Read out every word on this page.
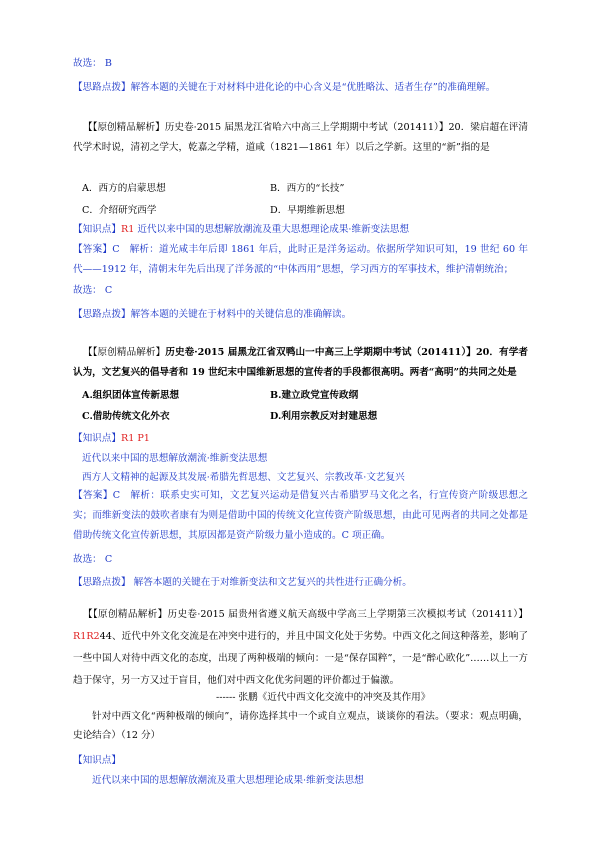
故选： B
【思路点拨】解答本题的关键在于对材料中进化论的中心含义是“优胜略汰、适者生存”的准确理解。
【【原创精品解析】历史卷·2015 届黑龙江省哈六中高三上学期期中考试（201411）】20．梁启超在评清代学术时说，清初之学大，乾嘉之学精，道咸（1821—1861 年）以后之学新。这里的“新”指的是
A．西方的启蒙思想	B．西方的“长技”
C．介绍研究西学	D．早期维新思想
【知识点】R1 近代以来中国的思想解放潮流及重大思想理论成果·维新变法思想
【答案】C　解析：道光咸丰年后即 1861 年后，此时正是洋务运动。依据所学知识可知，19 世纪 60 年代——1912 年，清朝末年先后出现了洋务派的“中体西用”思想，学习西方的军事技术，维护清朝统治；
故选： C
【思路点拨】解答本题的关键在于材料中的关键信息的准确解读。
【【原创精品解析】历史卷·2015 届黑龙江省双鸭山一中高三上学期期中考试（201411）】20．有学者认为，文艺复兴的倡导者和 19 世纪末中国维新思想的宣传者的手段都很高明。两者“高明”的共同之处是
A.组织团体宣传新思想	B.建立政党宣传政纲
C.借助传统文化外衣	D.利用宗教反对封建思想
【知识点】R1 P1
近代以来中国的思想解放潮流·维新变法思想
西方人文精神的起源及其发展·希腊先哲思想、文艺复兴、宗教改革·文艺复兴
【答案】C　解析：联系史实可知，文艺复兴运动是借复兴古希腊罗马文化之名，行宣传资产阶级思想之实；而维新变法的鼓吹者康有为则是借助中国的传统文化宣传资产阶级思想，由此可见两者的共同之处都是借助传统文化宣传新思想，其原因都是资产阶级力量小造成的。C 项正确。
故选： C
【思路点拨】 解答本题的关键在于对维新变法和文艺复兴的共性进行正确分析。
【【原创精品解析】历史卷·2015 届贵州省遵义航天高级中学高三上学期第三次模拟考试（201411）】R1R244、近代中外文化交流是在冲突中进行的，并且中国文化处于劣势。中西文化之间这种落差，影响了一些中国人对待中西文化的态度，出现了两种极端的倾向：一是“保存国粹”，一是“醉心欧化”……以上一方趋于保守，另一方又过于盲目，他们对中西文化优劣问题的评价都过于偏激。
------ 张鹏《近代中西文化交流中的冲突及其作用》
针对中西文化“两种极端的倾向”，请你选择其中一个或自立观点，谈谈你的看法。（要求：观点明确，史论结合）（12 分）
【知识点】
近代以来中国的思想解放潮流及重大思想理论成果·维新变法思想
